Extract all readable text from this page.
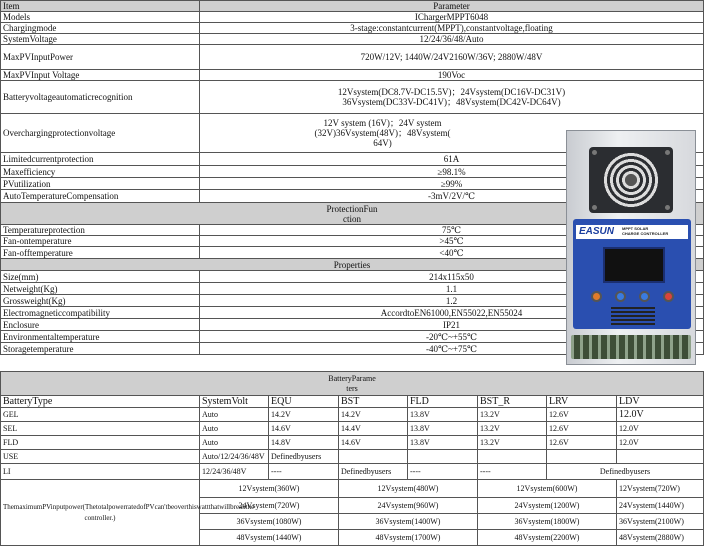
Item	Parameter
Models	IChargerMPPT6048
Chargingmode	3-stage:constantcurrent(MPPT),constantvoltage,floating
SystemVoltage	12/24/36/48/Auto
MaxPVInputPower	720W/12V; 1440W/24V2160W/36V; 2880W/48V
MaxPVInput Voltage	190Voc
Batteryvoltageautomaticrecognition	12Vsystem(DC8.7V-DC15.5V)；24Vsystem(DC16V-DC31V)
36Vsystem(DC33V-DC41V)；48Vsystem(DC42V-DC64V)

Overchargingprotectionvoltage	12V system (16V)；24V system
(32V)36Vsystem(48V)；48Vsystem(
64V)

Limitedcurrentprotection	61A
Maxefficiency	≥98.1%
PVutilization	≥99%
AutoTemperatureCompensation	-3mV/2V/℃

ProtectionFun
ction	

Temperatureprotection	75℃
Fan-ontemperature	>45℃
Fan-offtemperature	<40℃
Properties	
Size(mm)	214x115x50
Netweight(Kg)	1.1
Grossweight(Kg)	1.2
Electromagneticcompatibility	AccordtoEN61000,EN55022,EN55024
Enclosure	IP21
Environmentaltemperature	-20℃~+55℃
Storagetemperature	-40℃~+75℃
BatteryParame
ters							

BatteryType	SystemVolt	EQU	BST	FLD	BST_R	LRV	LDV
GEL	Auto	14.2V	14.2V	13.8V	13.2V	12.6V	12.0V
SEL	Auto	14.6V	14.4V	13.8V	13.2V	12.6V	12.0V
FLD	Auto	14.8V	14.6V	13.8V	13.2V	12.6V	12.0V
USE	Auto/12/24/36/48V	Definedbyusers					
LI	12/24/36/48V	----	Definedbyusers	----	----	Definedbyusers	
ThemaximumPVinputpower(ThetotalpowerratedofPVcan'tbeoverthiswattthatwillbreakthe controller.)	12Vsystem(360W)		12Vsystem(480W)		12Vsystem(600W)		12Vsystem(720W)
	24Vsystem(720W)		24Vsystem(960W)		24Vsystem(1200W)		24Vsystem(1440W)
	36Vsystem(1080W)		36Vsystem(1400W)		36Vsystem(1800W)		36Vsystem(2100W)
	48Vsystem(1440W)		48Vsystem(1700W)		48Vsystem(2200W)		48Vsystem(2880W)
EASUN MPPT SOLAR
CHARGE CONTROLLER
